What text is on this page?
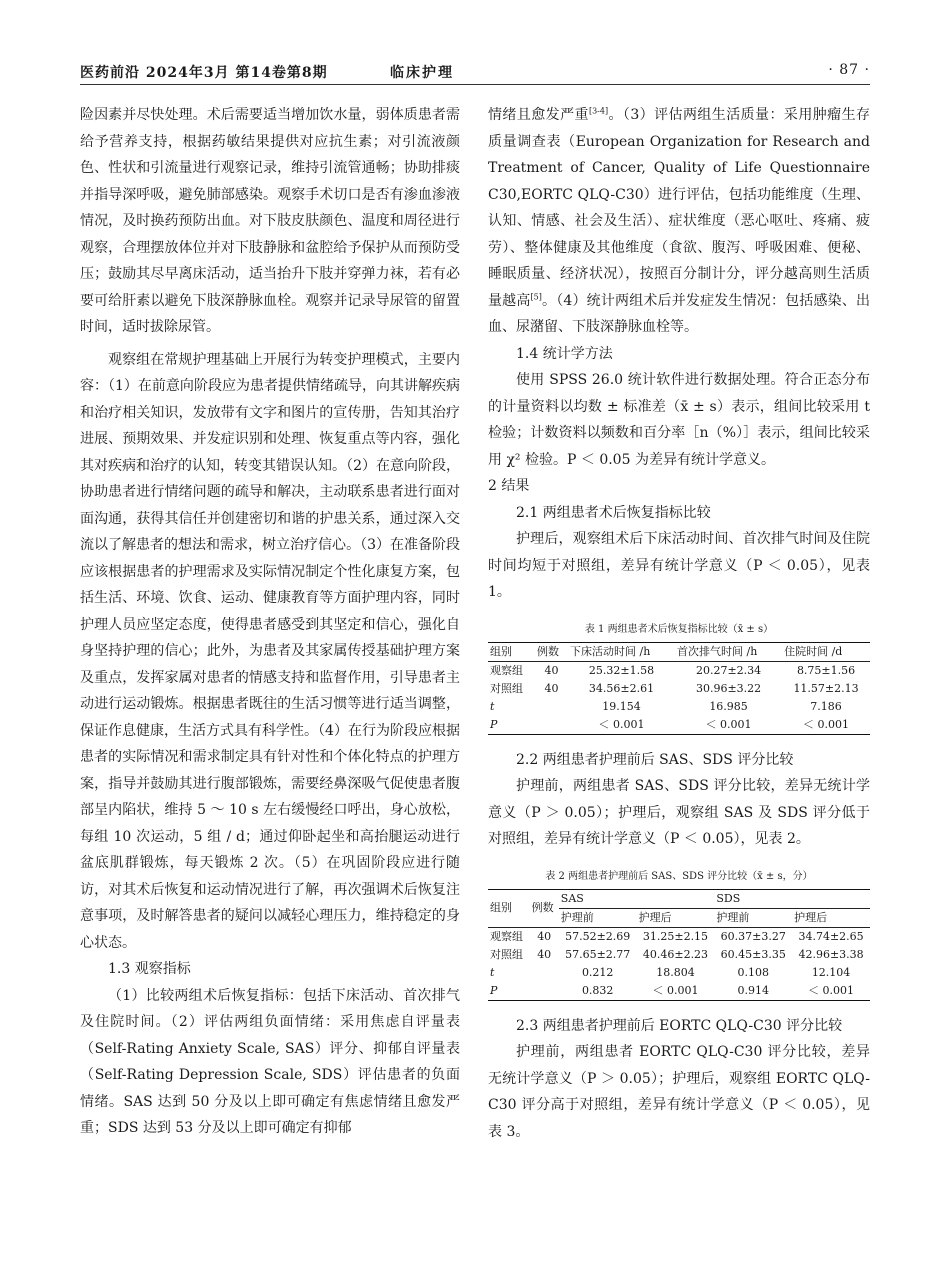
医药前沿 2024年3月 第14卷第8期	临床护理	· 87 ·

险因素并尽快处理。术后需要适当增加饮水量，弱体质患者需给予营养支持，根据药敏结果提供对应抗生素；对引流液颜色、性状和引流量进行观察记录，维持引流管通畅；协助排痰并指导深呼吸，避免肺部感染。观察手术切口是否有渗血渗液情况，及时换药预防出血。对下肢皮肤颜色、温度和周径进行观察，合理摆放体位并对下肢静脉和盆腔给予保护从而预防受压；鼓励其尽早离床活动，适当抬升下肢并穿弹力袜，若有必要可给肝素以避免下肢深静脉血栓。观察并记录导尿管的留置时间，适时拔除尿管。

观察组在常规护理基础上开展行为转变护理模式，主要内容：（1）在前意向阶段应为患者提供情绪疏导，向其讲解疾病和治疗相关知识，发放带有文字和图片的宣传册，告知其治疗进展、预期效果、并发症识别和处理、恢复重点等内容，强化其对疾病和治疗的认知，转变其错误认知。（2）在意向阶段，协助患者进行情绪问题的疏导和解决，主动联系患者进行面对面沟通，获得其信任并创建密切和谐的护患关系，通过深入交流以了解患者的想法和需求，树立治疗信心。（3）在准备阶段应该根据患者的护理需求及实际情况制定个性化康复方案，包括生活、环境、饮食、运动、健康教育等方面护理内容，同时护理人员应坚定态度，使得患者感受到其坚定和信心，强化自身坚持护理的信心；此外，为患者及其家属传授基础护理方案及重点，发挥家属对患者的情感支持和监督作用，引导患者主动进行运动锻炼。根据患者既往的生活习惯等进行适当调整，保证作息健康，生活方式具有科学性。（4）在行为阶段应根据患者的实际情况和需求制定具有针对性和个体化特点的护理方案，指导并鼓励其进行腹部锻炼，需要经鼻深吸气促使患者腹部呈内陷状，维持 5 ～ 10 s 左右缓慢经口呼出，身心放松，每组 10 次运动，5 组 / d；通过仰卧起坐和高抬腿运动进行盆底肌群锻炼，每天锻炼 2 次。（5）在巩固阶段应进行随访，对其术后恢复和运动情况进行了解，再次强调术后恢复注意事项，及时解答患者的疑问以减轻心理压力，维持稳定的身心状态。

1.3 观察指标

（1）比较两组术后恢复指标：包括下床活动、首次排气及住院时间。（2）评估两组负面情绪：采用焦虑自评量表（Self-Rating Anxiety Scale, SAS）评分、抑郁自评量表（Self-Rating Depression Scale, SDS）评估患者的负面情绪。SAS 达到 50 分及以上即可确定有焦虑情绪且愈发严重；SDS 达到 53 分及以上即可确定有抑郁

情绪且愈发严重[3-4]。（3）评估两组生活质量：采用肿瘤生存质量调查表（European Organization for Research and Treatment of Cancer, Quality of Life Questionnaire C30,EORTC QLQ-C30）进行评估，包括功能维度（生理、认知、情感、社会及生活）、症状维度（恶心呕吐、疼痛、疲劳）、整体健康及其他维度（食欲、腹泻、呼吸困难、便秘、睡眠质量、经济状况），按照百分制计分，评分越高则生活质量越高[5]。（4）统计两组术后并发症发生情况：包括感染、出血、尿潴留、下肢深静脉血栓等。

1.4 统计学方法

使用 SPSS 26.0 统计软件进行数据处理。符合正态分布的计量资料以均数 ± 标准差（x̄ ± s）表示，组间比较采用 t 检验；计数资料以频数和百分率［n（%）］表示，组间比较采用 χ² 检验。P ＜ 0.05 为差异有统计学意义。

2 结果

2.1 两组患者术后恢复指标比较

护理后，观察组术后下床活动时间、首次排气时间及住院时间均短于对照组，差异有统计学意义（P ＜ 0.05），见表 1。

表 1 两组患者术后恢复指标比较（x̄ ± s）
组别	例数	下床活动时间 /h	首次排气时间 /h	住院时间 /d
观察组	40	25.32±1.58	20.27±2.34	8.75±1.56
对照组	40	34.56±2.61	30.96±3.22	11.57±2.13
t		19.154	16.985	7.186
P		＜ 0.001	＜ 0.001	＜ 0.001

2.2 两组患者护理前后 SAS、SDS 评分比较

护理前，两组患者 SAS、SDS 评分比较，差异无统计学意义（P ＞ 0.05）；护理后，观察组 SAS 及 SDS 评分低于对照组，差异有统计学意义（P ＜ 0.05），见表 2。

表 2 两组患者护理前后 SAS、SDS 评分比较（x̄ ± s，分）
组别	例数	SAS		SDS	
		护理前	护理后	护理前	护理后
观察组	40	57.52±2.69	31.25±2.15	60.37±3.27	34.74±2.65
对照组	40	57.65±2.77	40.46±2.23	60.45±3.35	42.96±3.38
t		0.212	18.804	0.108	12.104
P		0.832	＜ 0.001	0.914	＜ 0.001

2.3 两组患者护理前后 EORTC QLQ-C30 评分比较

护理前，两组患者 EORTC QLQ-C30 评分比较，差异无统计学意义（P ＞ 0.05）；护理后，观察组 EORTC QLQ-C30 评分高于对照组，差异有统计学意义（P ＜ 0.05），见表 3。
